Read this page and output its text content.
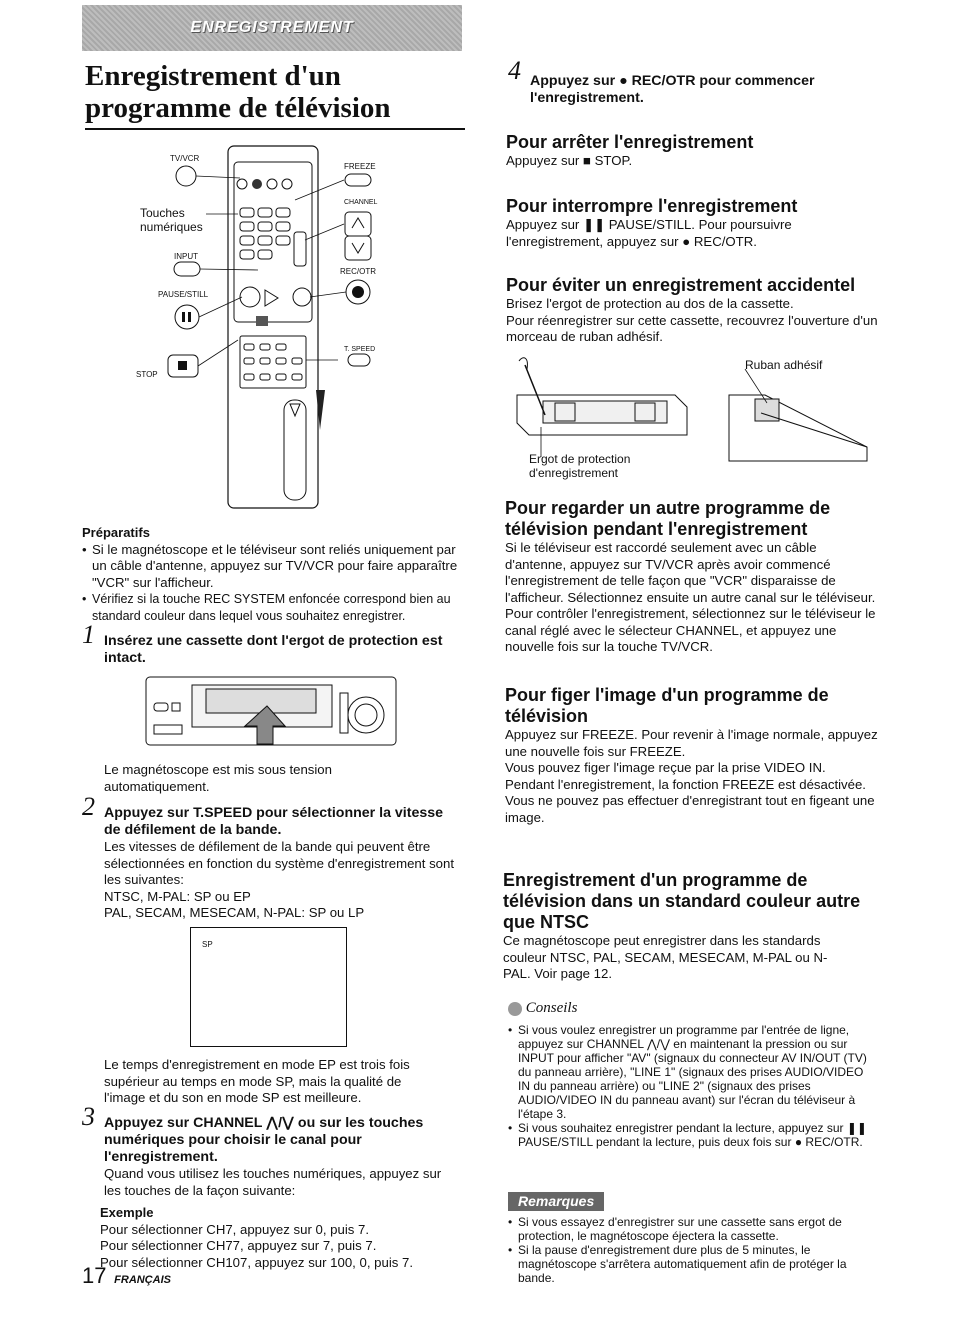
ENREGISTREMENT
Enregistrement d'un
programme de télévision
TV/VCR
FREEZE
CHANNEL
Touches
numériques
INPUT
REC/OTR
PAUSE/STILL
T. SPEED
STOP
Préparatifs
• Si le magnétoscope et le téléviseur sont reliés uniquement par un câble d'antenne, appuyez sur TV/VCR pour faire apparaître "VCR" sur l'afficheur.
• Vérifiez si la touche REC SYSTEM enfoncée correspond bien au standard couleur dans lequel vous souhaitez enregistrer.
1 Insérez une cassette dont l'ergot de protection est intact.
Le magnétoscope est mis sous tension automatiquement.
2 Appuyez sur T.SPEED pour sélectionner la vitesse de défilement de la bande.
Les vitesses de défilement de la bande qui peuvent être sélectionnées en fonction du système d'enregistrement sont les suivantes:
NTSC, M-PAL: SP ou EP
PAL, SECAM, MESECAM, N-PAL: SP ou LP
SP
Le temps d'enregistrement en mode EP est trois fois supérieur au temps en mode SP, mais la qualité de l'image et du son en mode SP est meilleure.
3 Appuyez sur CHANNEL ⋀/⋁ ou sur les touches numériques pour choisir le canal pour l'enregistrement.
Quand vous utilisez les touches numériques, appuyez sur les touches de la façon suivante:
Exemple
Pour sélectionner CH7, appuyez sur 0, puis 7.
Pour sélectionner CH77, appuyez sur 7, puis 7.
Pour sélectionner CH107, appuyez sur 100, 0, puis 7.
17 FRANÇAIS
4 Appuyez sur ● REC/OTR pour commencer l'enregistrement.
Pour arrêter l'enregistrement
Appuyez sur ■ STOP.
Pour interrompre l'enregistrement
Appuyez sur ❚❚ PAUSE/STILL. Pour poursuivre l'enregistrement, appuyez sur ● REC/OTR.
Pour éviter un enregistrement accidentel
Brisez l'ergot de protection au dos de la cassette.
Pour réenregistrer sur cette cassette, recouvrez l'ouverture d'un morceau de ruban adhésif.
Ruban adhésif
Ergot de protection
d'enregistrement
Pour regarder un autre programme de télévision pendant l'enregistrement
Si le téléviseur est raccordé seulement avec un câble d'antenne, appuyez sur TV/VCR après avoir commencé l'enregistrement de telle façon que "VCR" disparaisse de l'afficheur. Sélectionnez ensuite un autre canal sur le téléviseur. Pour contrôler l'enregistrement, sélectionnez sur le téléviseur le canal réglé avec le sélecteur CHANNEL, et appuyez une nouvelle fois sur la touche TV/VCR.
Pour figer l'image d'un programme de télévision
Appuyez sur FREEZE. Pour revenir à l'image normale, appuyez une nouvelle fois sur FREEZE.
Vous pouvez figer l'image reçue par la prise VIDEO IN.
Pendant l'enregistrement, la fonction FREEZE est désactivée.
Vous ne pouvez pas effectuer d'enregistrant tout en figeant une image.
Enregistrement d'un programme de télévision dans un standard couleur autre que NTSC
Ce magnétoscope peut enregistrer dans les standards couleur NTSC, PAL, SECAM, MESECAM, M-PAL ou N-PAL. Voir page 12.
Conseils
• Si vous voulez enregistrer un programme par l'entrée de ligne, appuyez sur CHANNEL ⋀/⋁ en maintenant la pression ou sur INPUT pour afficher "AV" (signaux du connecteur AV IN/OUT (TV) du panneau arrière), "LINE 1" (signaux des prises AUDIO/VIDEO IN du panneau arrière) ou "LINE 2" (signaux des prises AUDIO/VIDEO IN du panneau avant) sur l'écran du téléviseur à l'étape 3.
• Si vous souhaitez enregistrer pendant la lecture, appuyez sur ❚❚ PAUSE/STILL pendant la lecture, puis deux fois sur ● REC/OTR.
Remarques
• Si vous essayez d'enregistrer sur une cassette sans ergot de protection, le magnétoscope éjectera la cassette.
• Si la pause d'enregistrement dure plus de 5 minutes, le magnétoscope s'arrêtera automatiquement afin de protéger la bande.
